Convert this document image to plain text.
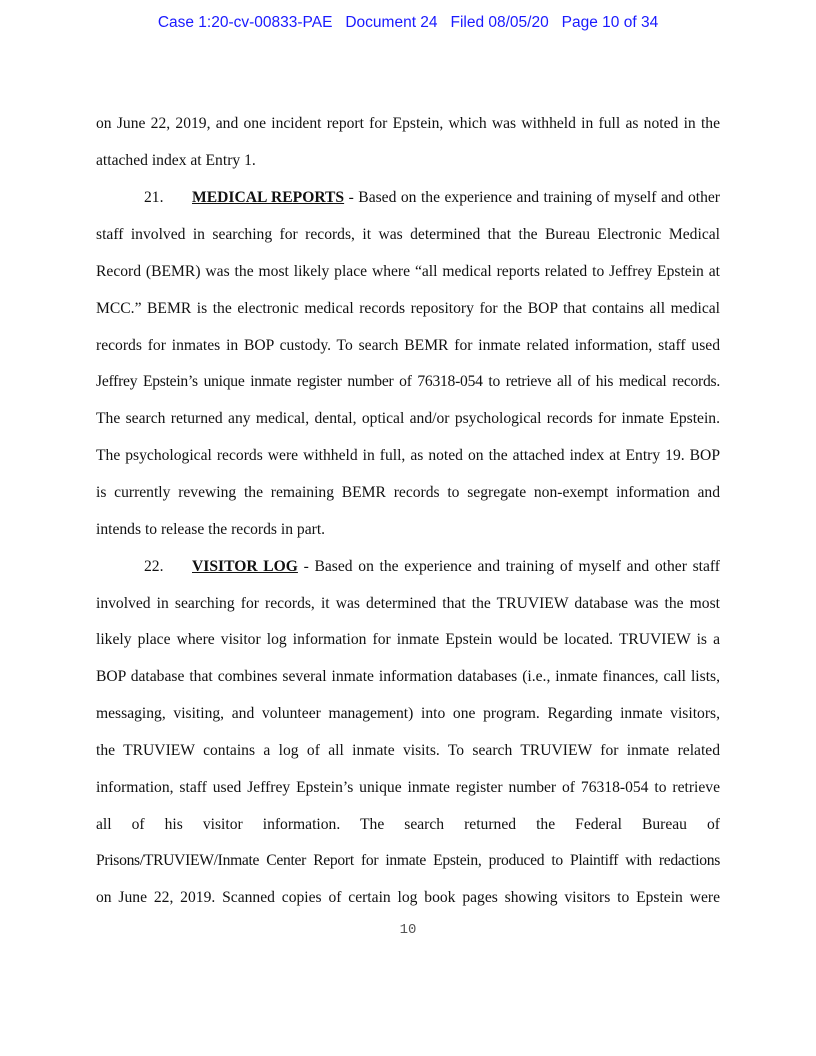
Case 1:20-cv-00833-PAE Document 24 Filed 08/05/20 Page 10 of 34
on June 22, 2019, and one incident report for Epstein, which was withheld in full as noted in the
attached index at Entry 1.
21. MEDICAL REPORTS - Based on the experience and training of myself and other
staff involved in searching for records, it was determined that the Bureau Electronic Medical
Record (BEMR) was the most likely place where “all medical reports related to Jeffrey Epstein at
MCC.” BEMR is the electronic medical records repository for the BOP that contains all medical
records for inmates in BOP custody. To search BEMR for inmate related information, staff used
Jeffrey Epstein’s unique inmate register number of 76318-054 to retrieve all of his medical records.
The search returned any medical, dental, optical and/or psychological records for inmate Epstein.
The psychological records were withheld in full, as noted on the attached index at Entry 19. BOP
is currently revewing the remaining BEMR records to segregate non-exempt information and
intends to release the records in part.
22. VISITOR LOG - Based on the experience and training of myself and other staff
involved in searching for records, it was determined that the TRUVIEW database was the most
likely place where visitor log information for inmate Epstein would be located. TRUVIEW is a
BOP database that combines several inmate information databases (i.e., inmate finances, call lists,
messaging, visiting, and volunteer management) into one program. Regarding inmate visitors,
the TRUVIEW contains a log of all inmate visits. To search TRUVIEW for inmate related
information, staff used Jeffrey Epstein’s unique inmate register number of 76318-054 to retrieve
all of his visitor information. The search returned the Federal Bureau of
Prisons/TRUVIEW/Inmate Center Report for inmate Epstein, produced to Plaintiff with redactions
on June 22, 2019. Scanned copies of certain log book pages showing visitors to Epstein were
10
